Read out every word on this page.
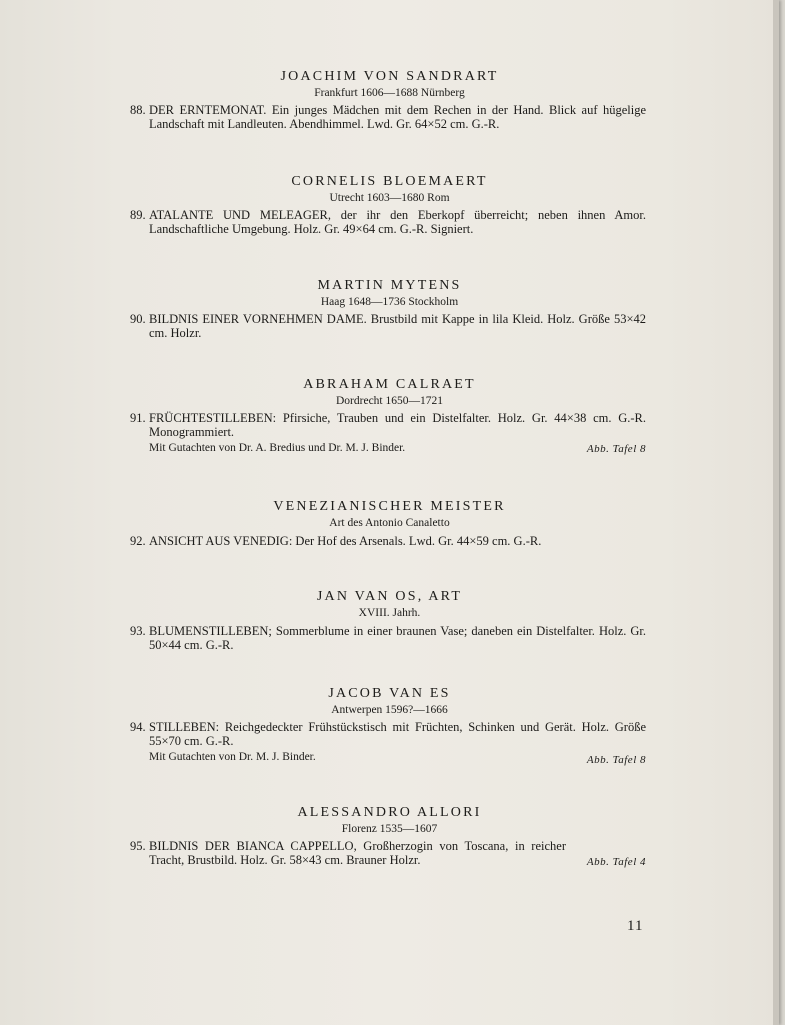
JOACHIM VON SANDRART
Frankfurt 1606—1688 Nürnberg
88. DER ERNTEMONAT. Ein junges Mädchen mit dem Rechen in der Hand. Blick auf hügelige Landschaft mit Landleuten. Abendhimmel. Lwd. Gr. 64×52 cm. G.-R.
CORNELIS BLOEMAERT
Utrecht 1603—1680 Rom
89. ATALANTE UND MELEAGER, der ihr den Eberkopf überreicht; neben ihnen Amor. Landschaftliche Umgebung. Holz. Gr. 49×64 cm. G.-R. Signiert.
MARTIN MYTENS
Haag 1648—1736 Stockholm
90. BILDNIS EINER VORNEHMEN DAME. Brustbild mit Kappe in lila Kleid. Holz. Größe 53×42 cm. Holzr.
ABRAHAM CALRAET
Dordrecht 1650—1721
91. FRÜCHTESTILLEBEN: Pfirsiche, Trauben und ein Distelfalter. Holz. Gr. 44×38 cm. G.-R. Monogrammiert.
Mit Gutachten von Dr. A. Bredius und Dr. M. J. Binder.	Abb. Tafel 8
VENEZIANISCHER MEISTER
Art des Antonio Canaletto
92. ANSICHT AUS VENEDIG: Der Hof des Arsenals. Lwd. Gr. 44×59 cm. G.-R.
JAN VAN OS, ART
XVIII. Jahrh.
93. BLUMENSTILLEBEN; Sommerblume in einer braunen Vase; daneben ein Distelfalter. Holz. Gr. 50×44 cm. G.-R.
JACOB VAN ES
Antwerpen 1596?—1666
94. STILLEBEN: Reichgedeckter Frühstückstisch mit Früchten, Schinken und Gerät. Holz. Größe 55×70 cm. G.-R.
Mit Gutachten von Dr. M. J. Binder.	Abb. Tafel 8
ALESSANDRO ALLORI
Florenz 1535—1607
95. BILDNIS DER BIANCA CAPPELLO, Großherzogin von Toscana, in reicher Tracht, Brustbild. Holz. Gr. 58×43 cm. Brauner Holzr.	Abb. Tafel 4
11
